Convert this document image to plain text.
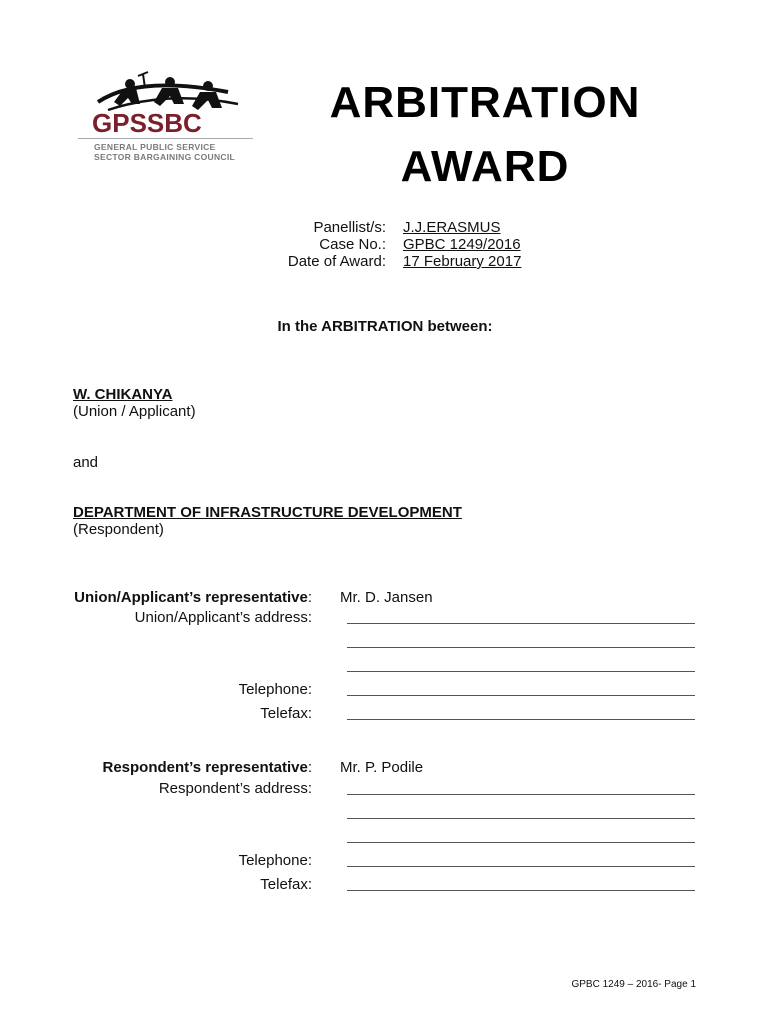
GPSSBC
GENERAL PUBLIC SERVICE
SECTOR BARGAINING COUNCIL
ARBITRATION
AWARD
Panellist/s: J.J.ERASMUS
Case No.: GPBC 1249/2016
Date of Award: 17 February 2017
In the ARBITRATION between:
W. CHIKANYA
(Union / Applicant)
and
DEPARTMENT OF INFRASTRUCTURE DEVELOPMENT
(Respondent)
Union/Applicant’s representative: Mr. D. Jansen
Union/Applicant’s address:
Telephone:
Telefax:
Respondent’s representative: Mr. P. Podile
Respondent’s address:
Telephone:
Telefax:
GPBC 1249 – 2016- Page 1
